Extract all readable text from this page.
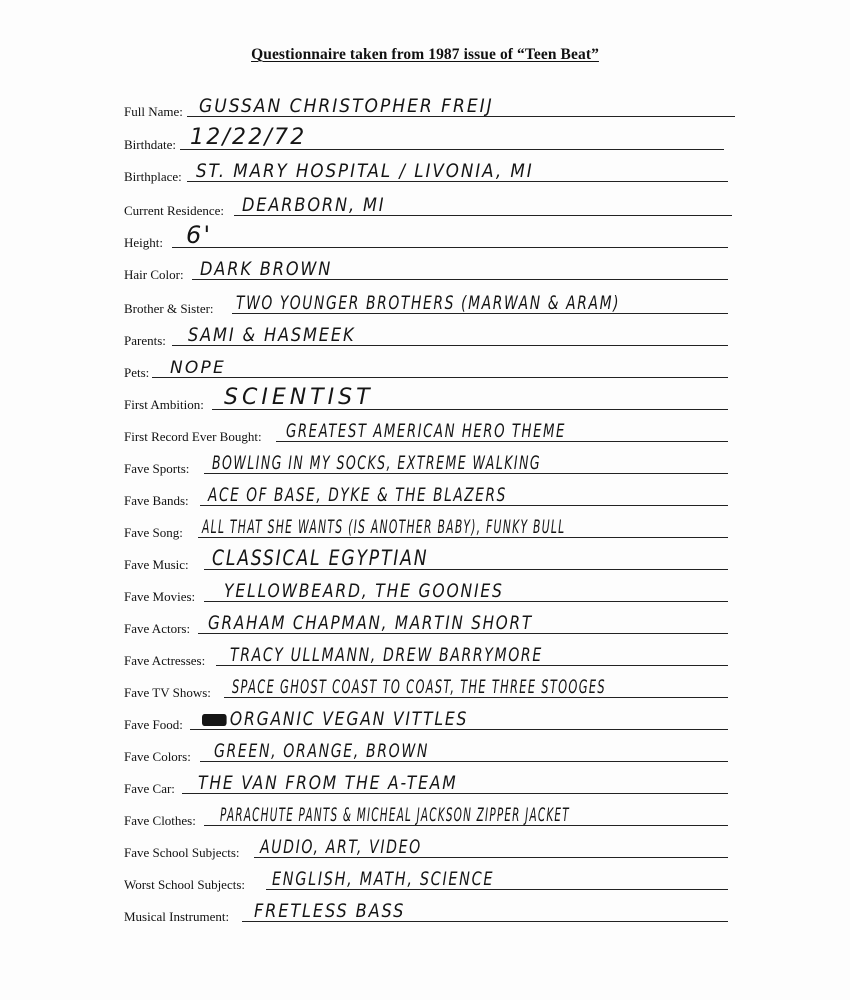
Questionnaire taken from 1987 issue of “Teen Beat”
Full Name: GUSSAN CHRISTOPHER FREIJ
Birthdate: 12/22/72
Birthplace: ST. MARY HOSPITAL / LIVONIA, MI
Current Residence: DEARBORN, MI
Height: 6'
Hair Color: DARK BROWN
Brother & Sister: TWO YOUNGER BROTHERS (MARWAN & ARAM)
Parents: SAMI & HASMEEK
Pets: NOPE
First Ambition: SCIENTIST
First Record Ever Bought: GREATEST AMERICAN HERO THEME
Fave Sports: BOWLING IN MY SOCKS, EXTREME WALKING
Fave Bands: ACE OF BASE, DYKE & THE BLAZERS
Fave Song: ALL THAT SHE WANTS (IS ANOTHER BABY), FUNKY BULL
Fave Music: CLASSICAL EGYPTIAN
Fave Movies: YELLOWBEARD, THE GOONIES
Fave Actors: GRAHAM CHAPMAN, MARTIN SHORT
Fave Actresses: TRACY ULLMANN, DREW BARRYMORE
Fave TV Shows: SPACE GHOST COAST TO COAST, THE THREE STOOGES
Fave Food:	ORGANIC VEGAN VITTLES
Fave Colors: GREEN, ORANGE, BROWN
Fave Car: THE VAN FROM THE A-TEAM
Fave Clothes: PARACHUTE PANTS & MICHEAL JACKSON ZIPPER JACKET
Fave School Subjects: AUDIO, ART, VIDEO
Worst School Subjects: ENGLISH, MATH, SCIENCE
Musical Instrument: FRETLESS BASS
